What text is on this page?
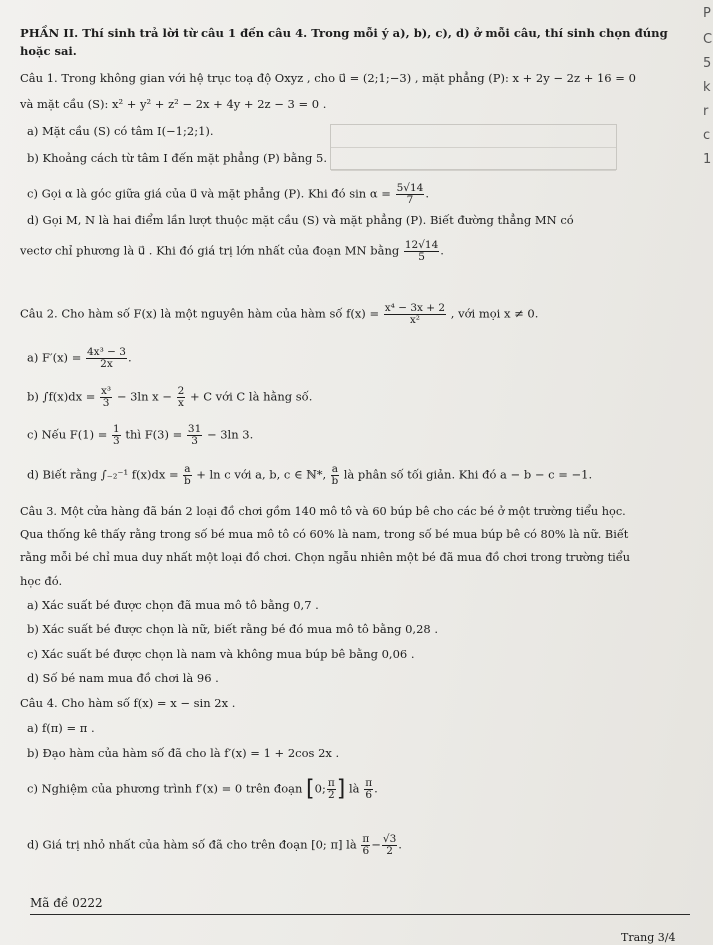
P
C
5
k
r
c
1
PHẦN II. Thí sinh trả lời từ câu 1 đến câu 4. Trong mỗi ý a), b), c), d) ở mỗi câu, thí sinh chọn đúng
hoặc sai.
Câu 1. Trong không gian với hệ trục toạ độ Oxyz , cho u⃗ = (2;1;−3) , mặt phẳng (P): x + 2y − 2z + 16 = 0
và mặt cầu (S): x² + y² + z² − 2x + 4y + 2z − 3 = 0 .
a) Mặt cầu (S) có tâm I(−1;2;1).
b) Khoảng cách từ tâm I đến mặt phẳng (P) bằng 5.
c) Gọi α là góc giữa giá của u⃗ và mặt phẳng (P). Khi đó $\sin \alpha = \frac{5√14}{7}$ .
d) Gọi M, N là hai điểm lần lượt thuộc mặt cầu (S) và mặt phẳng (P). Biết đường thẳng MN có
vectơ chỉ phương là u⃗ . Khi đó giá trị lớn nhất của đoạn MN bằng $\frac{12√14}{5}$ .
Câu 2. Cho hàm số F(x) là một nguyên hàm của hàm số $f(x) = \frac{\text{x⁴ − 3x + 2}}{\text{x²}}$ , với mọi x ≠ 0.
a) $F'(x) = \frac{\text{4x³ − 3}}{2x}$ .
b) $\int f(x)dx = \frac{\text{x³}}{3} - 3\ln$ $x - \frac{2}{x} + C$ với C là hằng số.
c) Nếu $F(1) = \frac{1}{3}$ thì $F(3) = \frac{31}{3} - 3\ln$ 3.
d) Biết rằng ∫₋₂⁻¹ $f(x)dx = \frac{a}{b} + \ln c$ với a, b, c ∈ ℕ*, $\frac{a}{b}$ là phân số tối giản. Khi đó a − b − c = −1.
Câu 3. Một cửa hàng đã bán 2 loại đồ chơi gồm 140 mô tô và 60 búp bê cho các bé ở một trường tiểu học.
Qua thống kê thấy rằng trong số bé mua mô tô có 60% là nam, trong số bé mua búp bê có 80% là nữ. Biết
rằng mỗi bé chỉ mua duy nhất một loại đồ chơi. Chọn ngẫu nhiên một bé đã mua đồ chơi trong trường tiểu
học đó.
a) Xác suất bé được chọn đã mua mô tô bằng 0,7 .
b) Xác suất bé được chọn là nữ, biết rằng bé đó mua mô tô bằng 0,28 .
c) Xác suất bé được chọn là nam và không mua búp bê bằng 0,06 .
d) Số bé nam mua đồ chơi là 96 .
Câu 4. Cho hàm số f(x) = x − sin 2x .
a) f(π) = π .
b) Đạo hàm của hàm số đã cho là f′(x) = 1 + 2cos 2x .
c) Nghiệm của phương trình f′(x) = 0 trên đoạn [0; $\frac{\pi}{2}$ ] là $\frac{\pi}{6}$ .
d) Giá trị nhỏ nhất của hàm số đã cho trên đoạn [0; π] là $\frac{\pi}{6} - \frac{√3}{2}$ .
Mã đề 0222
Trang 3/4
